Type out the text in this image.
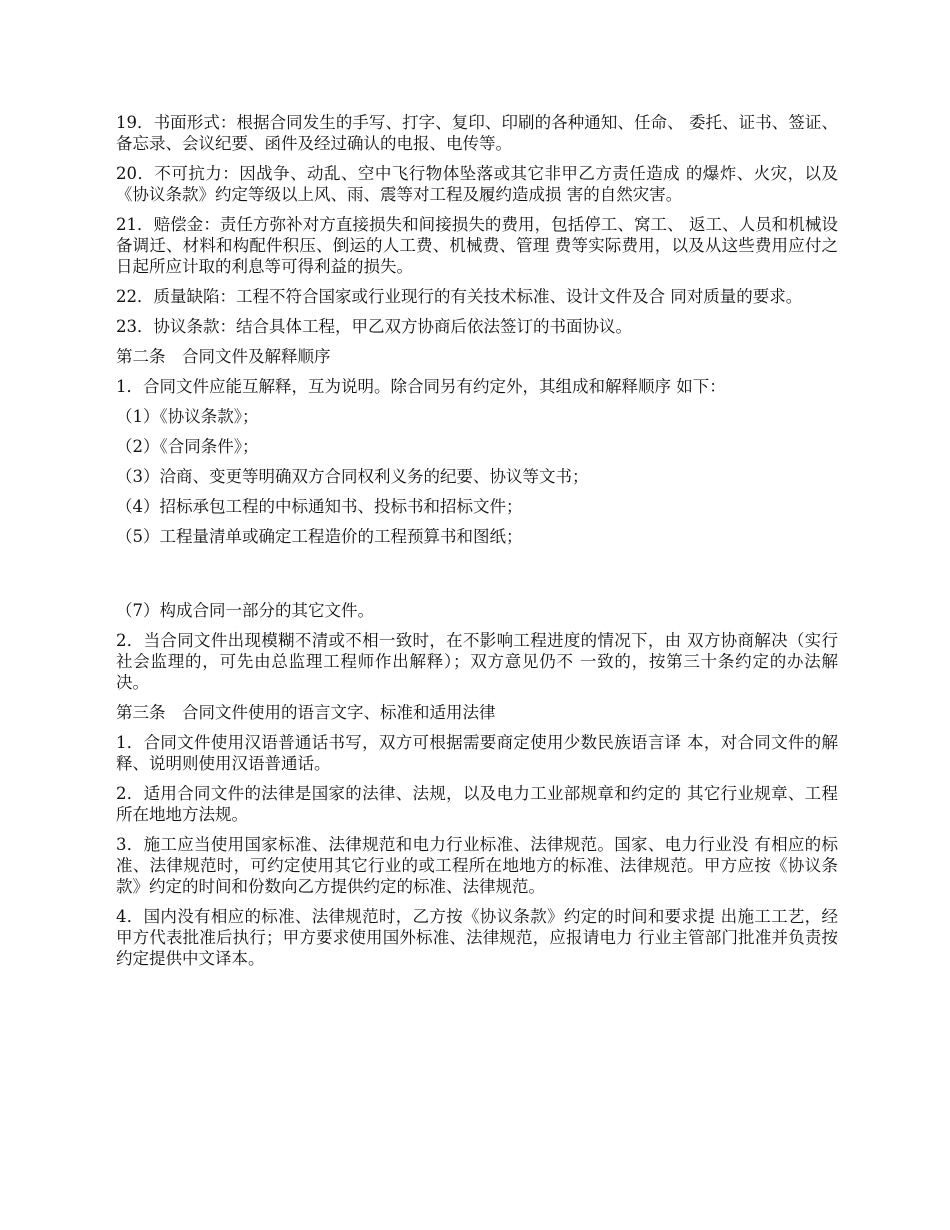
19．书面形式：根据合同发生的手写、打字、复印、印刷的各种通知、任命、 委托、证书、签证、备忘录、会议纪要、函件及经过确认的电报、电传等。

20．不可抗力：因战争、动乱、空中飞行物体坠落或其它非甲乙方责任造成 的爆炸、火灾，以及《协议条款》约定等级以上风、雨、震等对工程及履约造成损 害的自然灾害。

21．赔偿金：责任方弥补对方直接损失和间接损失的费用，包括停工、窝工、 返工、人员和机械设备调迁、材料和构配件积压、倒运的人工费、机械费、管理 费等实际费用，以及从这些费用应付之日起所应计取的利息等可得利益的损失。

22．质量缺陷：工程不符合国家或行业现行的有关技术标准、设计文件及合 同对质量的要求。

23．协议条款：结合具体工程，甲乙双方协商后依法签订的书面协议。

第二条　合同文件及解释顺序

1．合同文件应能互解释，互为说明。除合同另有约定外，其组成和解释顺序 如下：

（1）《协议条款》；

（2）《合同条件》；

（3）洽商、变更等明确双方合同权利义务的纪要、协议等文书；

（4）招标承包工程的中标通知书、投标书和招标文件；

（5）工程量清单或确定工程造价的工程预算书和图纸；

（7）构成合同一部分的其它文件。

2．当合同文件出现模糊不清或不相一致时，在不影响工程进度的情况下，由 双方协商解决（实行社会监理的，可先由总监理工程师作出解释）；双方意见仍不 一致的，按第三十条约定的办法解决。

第三条　合同文件使用的语言文字、标准和适用法律

1．合同文件使用汉语普通话书写，双方可根据需要商定使用少数民族语言译 本，对合同文件的解释、说明则使用汉语普通话。

2．适用合同文件的法律是国家的法律、法规，以及电力工业部规章和约定的 其它行业规章、工程所在地地方法规。

3．施工应当使用国家标准、法律规范和电力行业标准、法律规范。国家、电力行业没 有相应的标准、法律规范时，可约定使用其它行业的或工程所在地地方的标准、法律规范。甲方应按《协议条款》约定的时间和份数向乙方提供约定的标准、法律规范。

4．国内没有相应的标准、法律规范时，乙方按《协议条款》约定的时间和要求提 出施工工艺，经甲方代表批准后执行；甲方要求使用国外标准、法律规范，应报请电力 行业主管部门批准并负责按约定提供中文译本。
